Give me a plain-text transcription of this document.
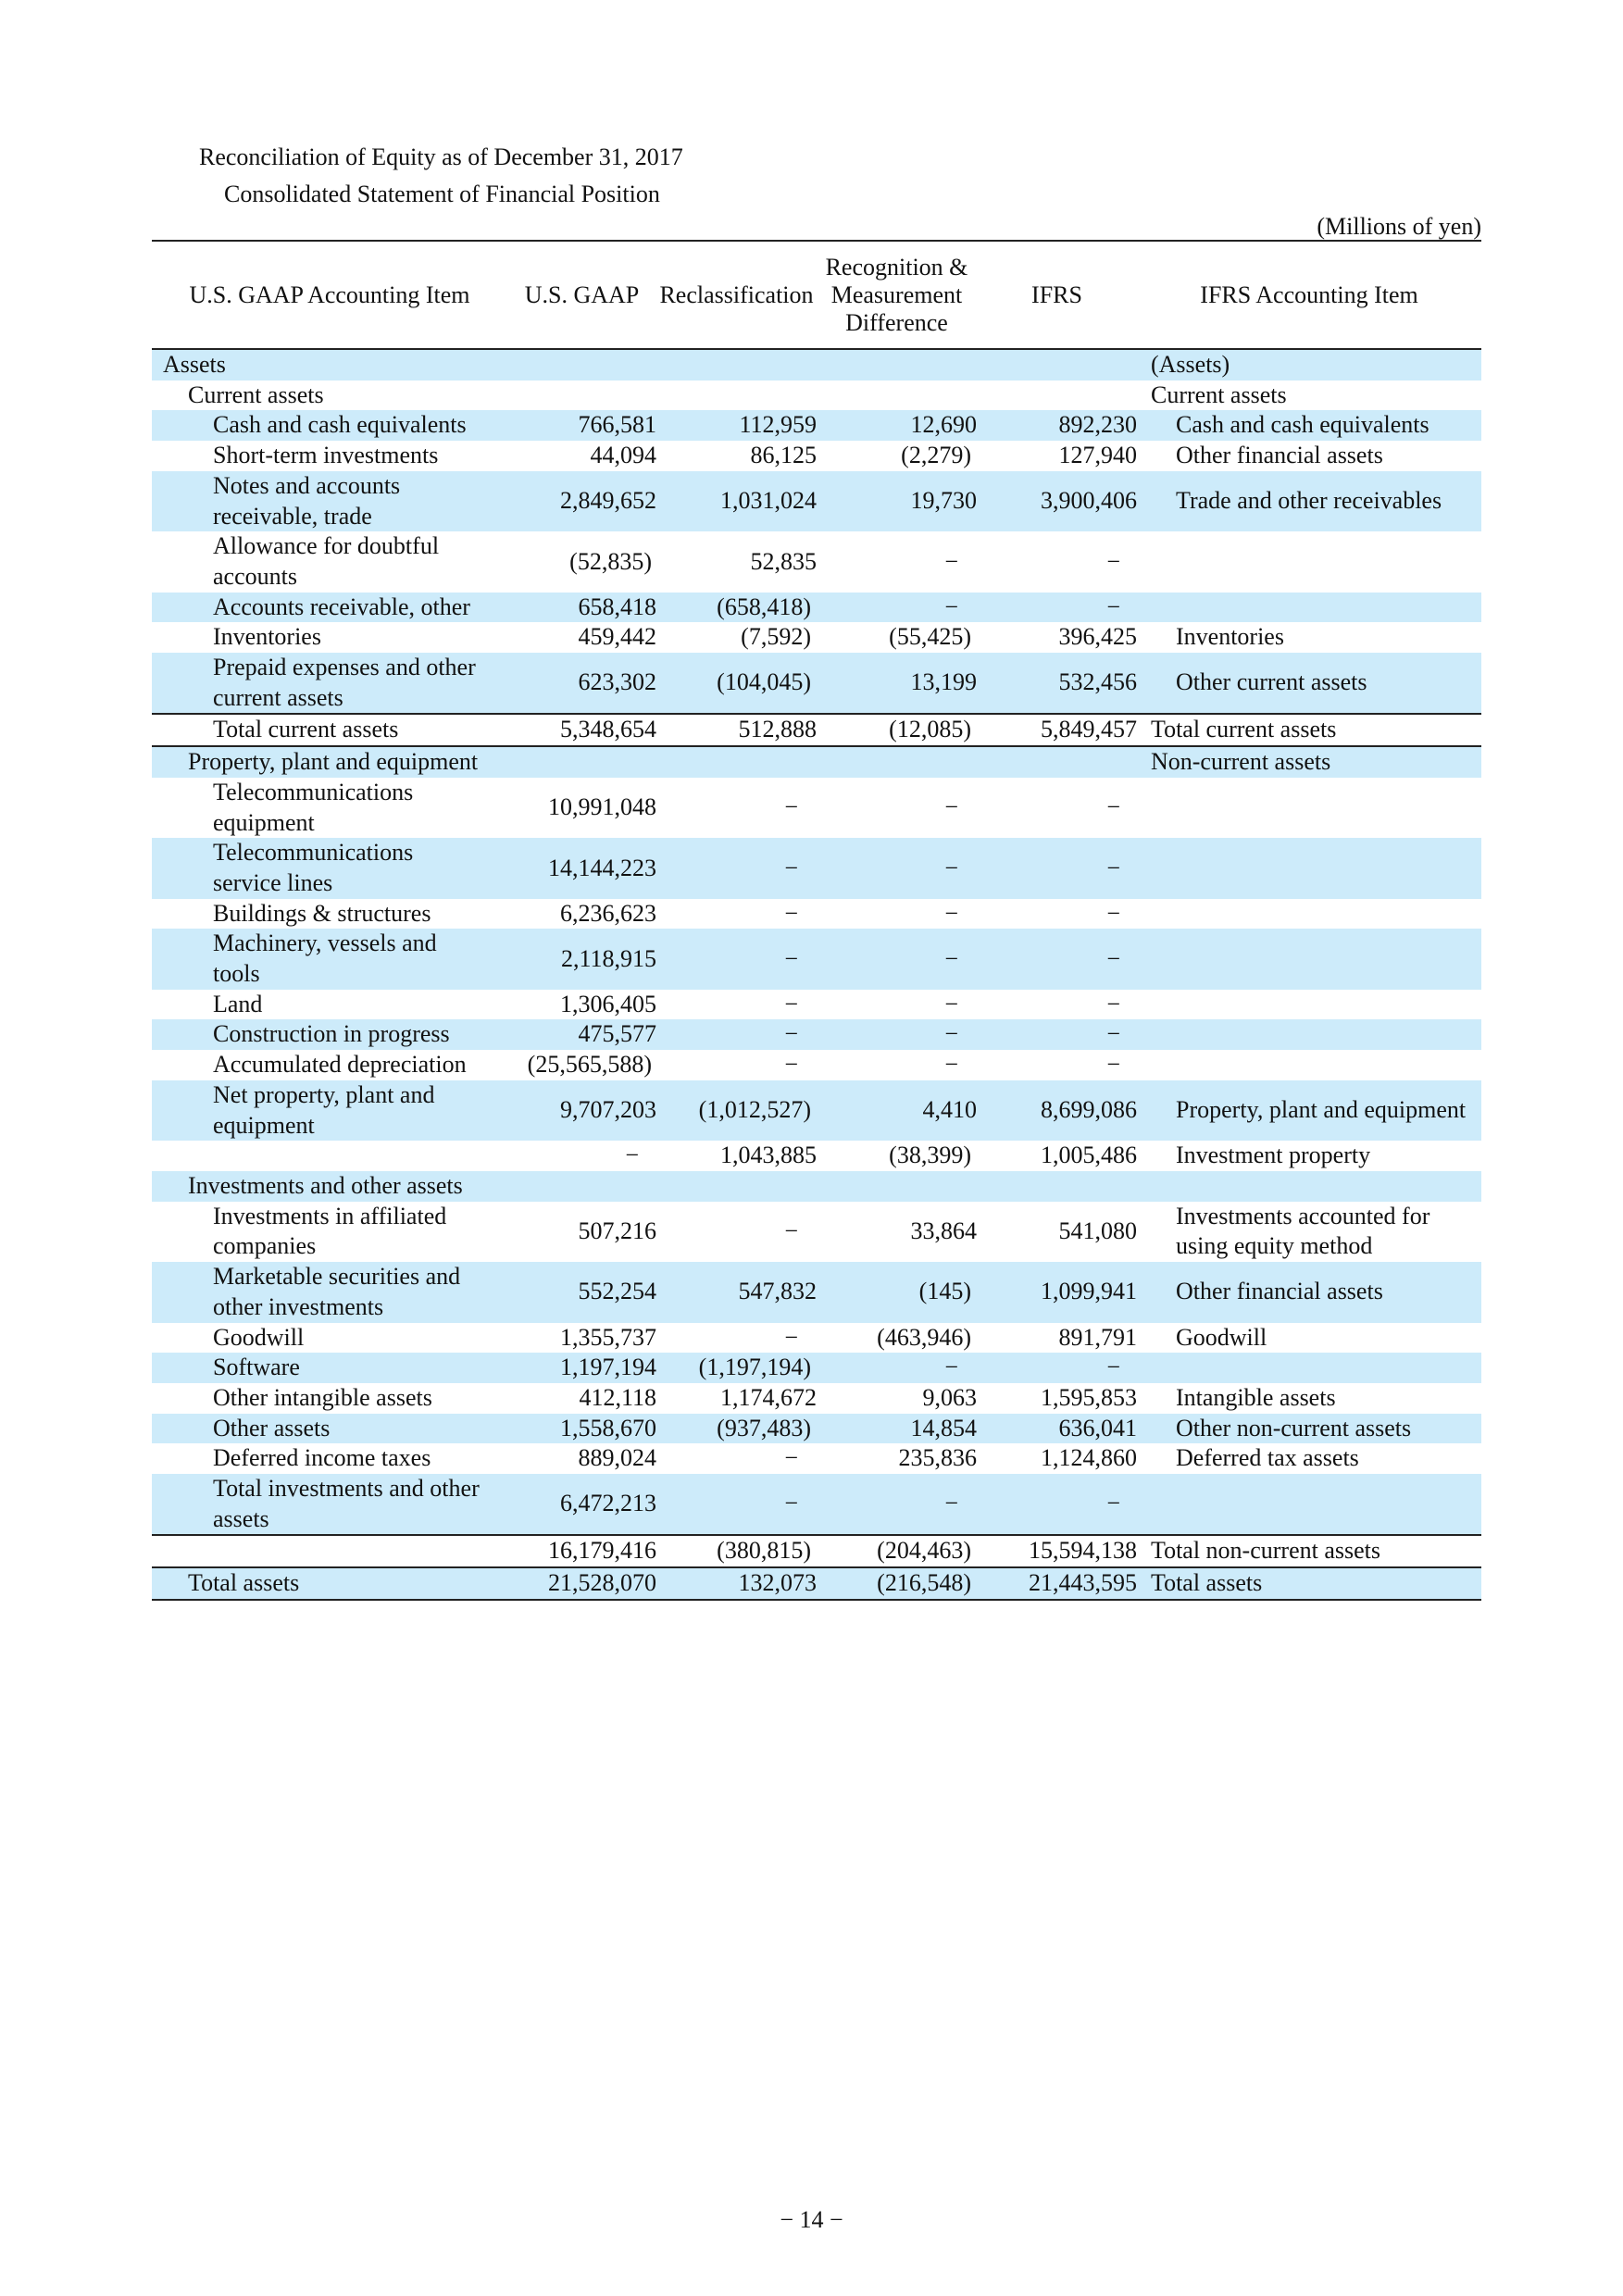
Reconciliation of Equity as of December 31, 2017
Consolidated Statement of Financial Position
(Millions of yen)
U.S. GAAP Accounting Item	U.S. GAAP	Reclassification	Recognition &
Measurement
Difference	IFRS	IFRS Accounting Item
Assets					(Assets)
Current assets					Current assets
Cash and cash equivalents	766,581	112,959	12,690	892,230	Cash and cash equivalents
Short-term investments	44,094	86,125	(2,279)	127,940	Other financial assets
Notes and accounts
receivable, trade	2,849,652	1,031,024	19,730	3,900,406	Trade and other receivables
Allowance for doubtful
accounts	(52,835)	52,835	−	−	
Accounts receivable, other	658,418	(658,418)	−	−	
Inventories	459,442	(7,592)	(55,425)	396,425	Inventories
Prepaid expenses and other
current assets	623,302	(104,045)	13,199	532,456	Other current assets
Total current assets	5,348,654	512,888	(12,085)	5,849,457	Total current assets
Property, plant and equipment					Non-current assets
Telecommunications
equipment	10,991,048	−	−	−	
Telecommunications
service lines	14,144,223	−	−	−	
Buildings & structures	6,236,623	−	−	−	
Machinery, vessels and
tools	2,118,915	−	−	−	
Land	1,306,405	−	−	−	
Construction in progress	475,577	−	−	−	
Accumulated depreciation	(25,565,588)	−	−	−	
Net property, plant and
equipment	9,707,203	(1,012,527)	4,410	8,699,086	Property, plant and equipment
	−	1,043,885	(38,399)	1,005,486	Investment property
Investments and other assets					
Investments in affiliated
companies	507,216	−	33,864	541,080	Investments accounted for
using equity method
Marketable securities and
other investments	552,254	547,832	(145)	1,099,941	Other financial assets
Goodwill	1,355,737	−	(463,946)	891,791	Goodwill
Software	1,197,194	(1,197,194)	−	−	
Other intangible assets	412,118	1,174,672	9,063	1,595,853	Intangible assets
Other assets	1,558,670	(937,483)	14,854	636,041	Other non-current assets
Deferred income taxes	889,024	−	235,836	1,124,860	Deferred tax assets
Total investments and other
assets	6,472,213	−	−	−	
	16,179,416	(380,815)	(204,463)	15,594,138	Total non-current assets
Total assets	21,528,070	132,073	(216,548)	21,443,595	Total assets
− 14 −
